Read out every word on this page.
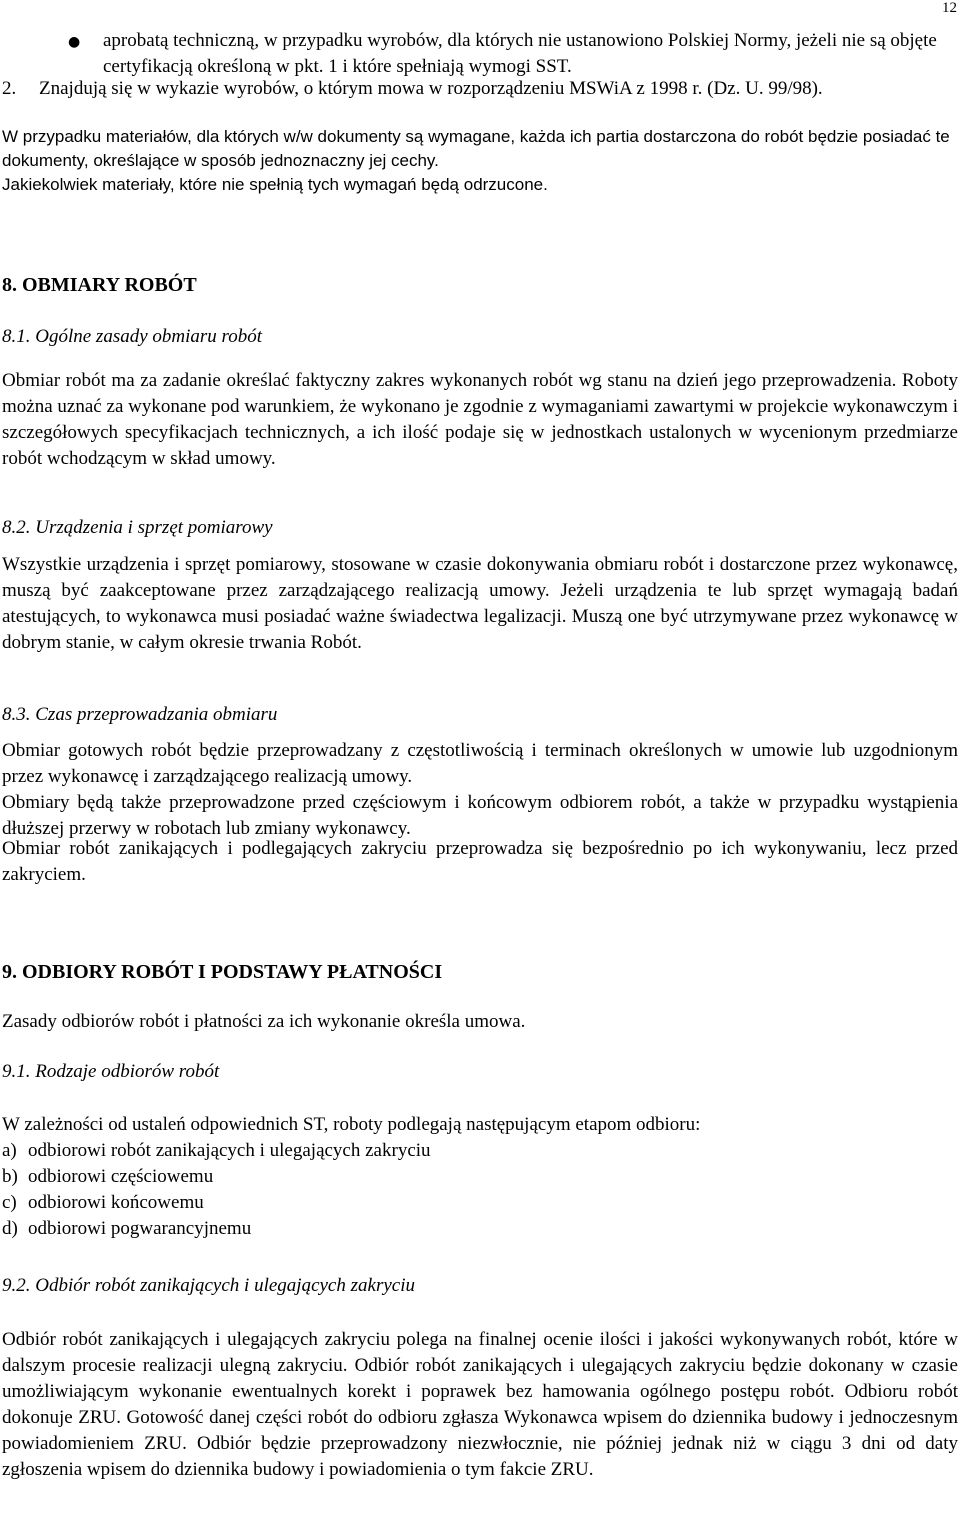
12
● aprobatą techniczną, w przypadku wyrobów, dla których nie ustanowiono Polskiej Normy, jeżeli nie są objęte certyfikacją określoną w pkt. 1 i które spełniają wymogi SST.

2. Znajdują się w wykazie wyrobów, o którym mowa w rozporządzeniu MSWiA z 1998 r. (Dz. U. 99/98).

W przypadku materiałów, dla których w/w dokumenty są wymagane, każda ich partia dostarczona do robót będzie posiadać te dokumenty, określające w sposób jednoznaczny jej cechy.

Jakiekolwiek materiały, które nie spełnią tych wymagań będą odrzucone.

8. OBMIARY ROBÓT

8.1. Ogólne zasady obmiaru robót

Obmiar robót ma za zadanie określać faktyczny zakres wykonanych robót wg stanu na dzień jego przeprowadzenia. Roboty można uznać za wykonane pod warunkiem, że wykonano je zgodnie z wymaganiami zawartymi w projekcie wykonawczym i szczegółowych specyfikacjach technicznych, a ich ilość podaje się w jednostkach ustalonych w wycenionym przedmiarze robót wchodzącym w skład umowy.

8.2. Urządzenia i sprzęt pomiarowy

Wszystkie urządzenia i sprzęt pomiarowy, stosowane w czasie dokonywania obmiaru robót i dostarczone przez wykonawcę, muszą być zaakceptowane przez zarządzającego realizacją umowy. Jeżeli urządzenia te lub sprzęt wymagają badań atestujących, to wykonawca musi posiadać ważne świadectwa legalizacji. Muszą one być utrzymywane przez wykonawcę w dobrym stanie, w całym okresie trwania Robót.

8.3. Czas przeprowadzania obmiaru

Obmiar gotowych robót będzie przeprowadzany z częstotliwością i terminach określonych w umowie lub uzgodnionym przez wykonawcę i zarządzającego realizacją umowy.

Obmiary będą także przeprowadzone przed częściowym i końcowym odbiorem robót, a także w przypadku wystąpienia dłuższej przerwy w robotach lub zmiany wykonawcy.

Obmiar robót zanikających i podlegających zakryciu przeprowadza się bezpośrednio po ich wykonywaniu, lecz przed zakryciem.

9. ODBIORY ROBÓT I PODSTAWY PŁATNOŚCI

Zasady odbiorów robót i płatności za ich wykonanie określa umowa.

9.1. Rodzaje odbiorów robót

W zależności od ustaleń odpowiednich ST, roboty podlegają następującym etapom odbioru:

a) odbiorowi robót zanikających i ulegających zakryciu
b) odbiorowi częściowemu
c) odbiorowi końcowemu
d) odbiorowi pogwarancyjnemu

9.2. Odbiór robót zanikających i ulegających zakryciu

Odbiór robót zanikających i ulegających zakryciu polega na finalnej ocenie ilości i jakości wykonywanych robót, które w dalszym procesie realizacji ulegną zakryciu. Odbiór robót zanikających i ulegających zakryciu będzie dokonany w czasie umożliwiającym wykonanie ewentualnych korekt i poprawek bez hamowania ogólnego postępu robót. Odbioru robót dokonuje ZRU. Gotowość danej części robót do odbioru zgłasza Wykonawca wpisem do dziennika budowy i jednoczesnym powiadomieniem ZRU. Odbiór będzie przeprowadzony niezwłocznie, nie później jednak niż w ciągu 3 dni od daty zgłoszenia wpisem do dziennika budowy i powiadomienia o tym fakcie ZRU.
